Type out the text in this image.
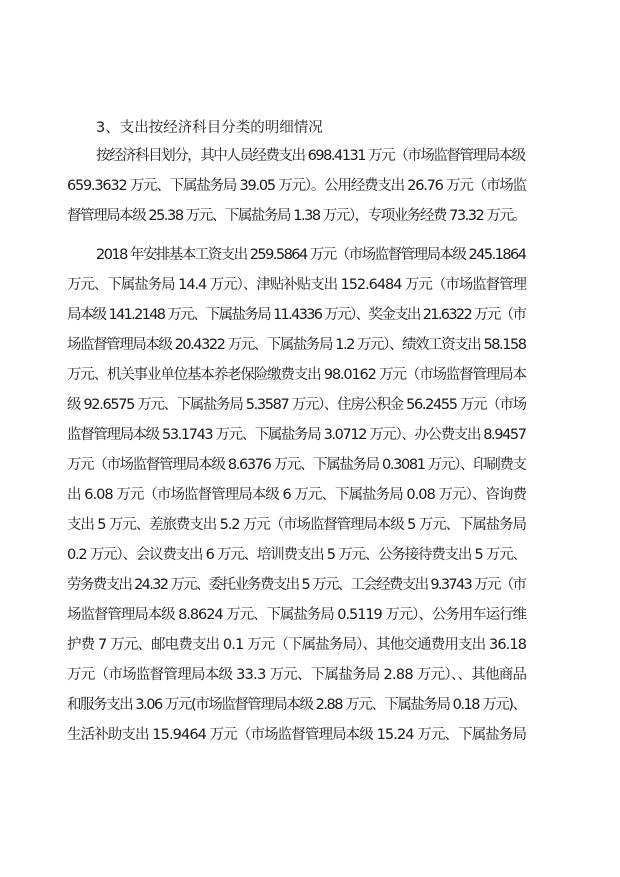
3、支出按经济科目分类的明细情况
按经济科目划分，其中人员经费支出 698.4131 万元（市场监督管理局本级
659.3632 万元、下属盐务局 39.05 万元）。公用经费支出 26.76 万元（市场监
督管理局本级 25.38 万元、下属盐务局 1.38 万元），专项业务经费 73.32 万元。
2018 年安排基本工资支出 259.5864 万元（市场监督管理局本级 245.1864
万元、下属盐务局 14.4 万元）、津贴补贴支出 152.6484 万元（市场监督管理
局本级 141.2148 万元、下属盐务局 11.4336 万元）、奖金支出 21.6322 万元（市
场监督管理局本级 20.4322 万元、下属盐务局 1.2 万元）、绩效工资支出 58.158
万元、机关事业单位基本养老保险缴费支出 98.0162 万元（市场监督管理局本
级 92.6575 万元、下属盐务局 5.3587 万元）、住房公积金 56.2455 万元（市场
监督管理局本级 53.1743 万元、下属盐务局 3.0712 万元）、办公费支出 8.9457
万元（市场监督管理局本级 8.6376 万元、下属盐务局 0.3081 万元）、印刷费支
出 6.08 万元（市场监督管理局本级 6 万元、下属盐务局 0.08 万元）、咨询费
支出 5 万元、差旅费支出 5.2 万元（市场监督管理局本级 5 万元、下属盐务局
0.2 万元）、会议费支出 6 万元、培训费支出 5 万元、公务接待费支出 5 万元、
劳务费支出 24.32 万元、委托业务费支出 5 万元、工会经费支出 9.3743 万元（市
场监督管理局本级 8.8624 万元、下属盐务局 0.5119 万元）、公务用车运行维
护费 7 万元、邮电费支出 0.1 万元（下属盐务局）、其他交通费用支出 36.18
万元（市场监督管理局本级 33.3 万元、下属盐务局 2.88 万元）、、其他商品
和服务支出 3.06 万元(市场监督管理局本级 2.88 万元、下属盐务局 0.18 万元)、
生活补助支出 15.9464 万元（市场监督管理局本级 15.24 万元、下属盐务局
